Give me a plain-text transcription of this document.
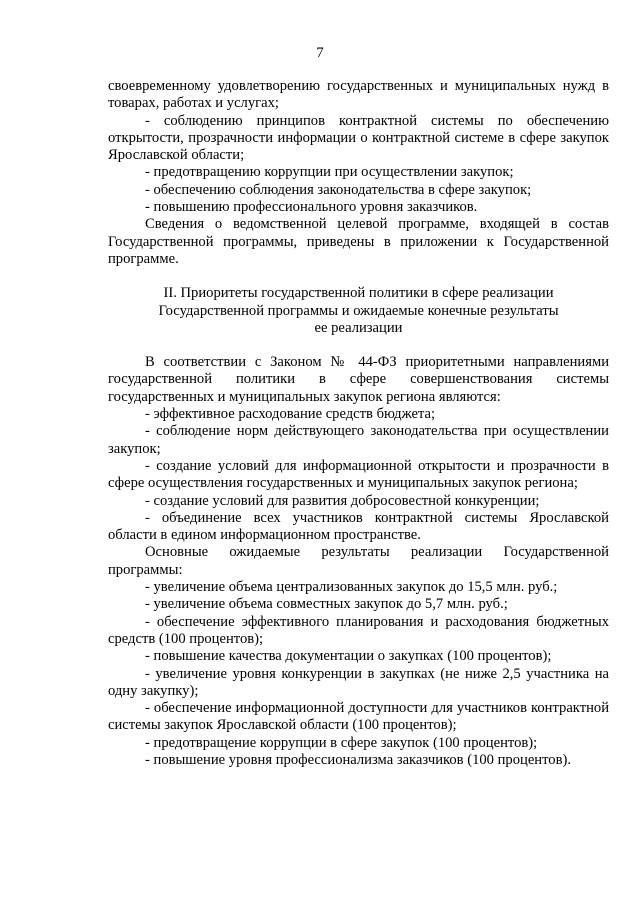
7

своевременному удовлетворению государственных и муниципальных нужд в товарах, работах и услугах;

- соблюдению принципов контрактной системы по обеспечению открытости, прозрачности информации о контрактной системе в сфере закупок Ярославской области;

- предотвращению коррупции при осуществлении закупок;

- обеспечению соблюдения законодательства в сфере закупок;

- повышению профессионального уровня заказчиков.

Сведения о ведомственной целевой программе, входящей в состав Государственной программы, приведены в приложении к Государственной программе.

II. Приоритеты государственной политики в сфере реализации

Государственной программы и ожидаемые конечные результаты

ее реализации

В соответствии с Законом № 44-ФЗ приоритетными направлениями государственной политики в сфере совершенствования системы государственных и муниципальных закупок региона являются:

- эффективное расходование средств бюджета;

- соблюдение норм действующего законодательства при осуществлении закупок;

- создание условий для информационной открытости и прозрачности в сфере осуществления государственных и муниципальных закупок региона;

- создание условий для развития добросовестной конкуренции;

- объединение всех участников контрактной системы Ярославской области в едином информационном пространстве.

Основные ожидаемые результаты реализации Государственной программы:

- увеличение объема централизованных закупок до 15,5 млн. руб.;

- увеличение объема совместных закупок до 5,7 млн. руб.;

- обеспечение эффективного планирования и расходования бюджетных средств (100 процентов);

- повышение качества документации о закупках (100 процентов);

- увеличение уровня конкуренции в закупках (не ниже 2,5 участника на одну закупку);

- обеспечение информационной доступности для участников контрактной системы закупок Ярославской области (100 процентов);

- предотвращение коррупции в сфере закупок (100 процентов);

- повышение уровня профессионализма заказчиков (100 процентов).
